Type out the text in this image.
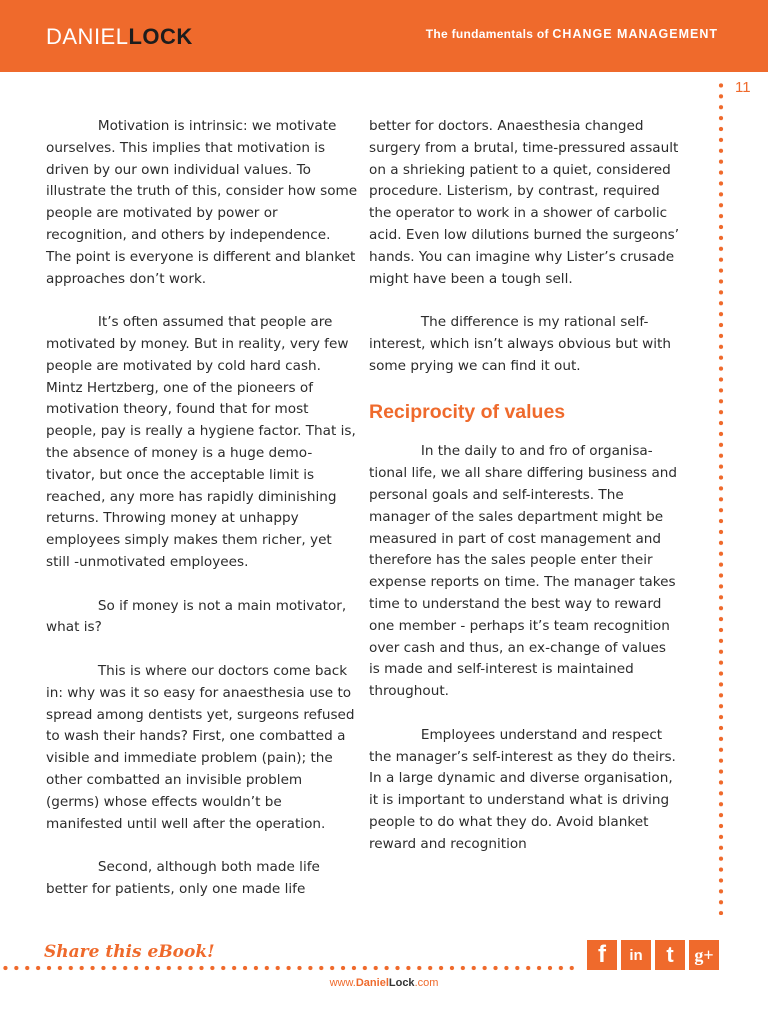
DANIELLOCK	The fundamentals of CHANGE MANAGEMENT
11

Motivation is intrinsic: we motivate ourselves. This implies that motivation is driven by our own individual values. To illustrate the truth of this, consider how some people are motivated by power or recognition, and others by independence. The point is everyone is different and blanket approaches don’t work.

It’s often assumed that people are motivated by money. But in reality, very few people are motivated by cold hard cash. Mintz Hertzberg, one of the pioneers of motivation theory, found that for most people, pay is really a hygiene factor. That is, the absence of money is a huge demo-tivator, but once the acceptable limit is reached, any more has rapidly diminishing returns. Throwing money at unhappy employees simply makes them richer, yet still -unmotivated employees.

So if money is not a main motivator, what is?

This is where our doctors come back in: why was it so easy for anaesthesia use to spread among dentists yet, surgeons refused to wash their hands? First, one combatted a visible and immediate problem (pain); the other combatted an invisible problem (germs) whose effects wouldn’t be manifested until well after the operation.

Second, although both made life better for patients, only one made life

better for doctors. Anaesthesia changed surgery from a brutal, time-pressured assault on a shrieking patient to a quiet, considered procedure. Listerism, by contrast, required the operator to work in a shower of carbolic acid. Even low dilutions burned the surgeons’ hands. You can imagine why Lister’s crusade might have been a tough sell.

The difference is my rational self-interest, which isn’t always obvious but with some prying we can find it out.

Reciprocity of values

In the daily to and fro of organisa-tional life, we all share differing business and personal goals and self-interests. The manager of the sales department might be measured in part of cost management and therefore has the sales people enter their expense reports on time. The manager takes time to understand the best way to reward one member - perhaps it’s team recognition over cash and thus, an ex-change of values is made and self-interest is maintained throughout.

Employees understand and respect the manager’s self-interest as they do theirs. In a large dynamic and diverse organisation, it is important to understand what is driving people to do what they do. Avoid blanket reward and recognition

Share this eBook!	f in t g+
www.DanielLock.com
